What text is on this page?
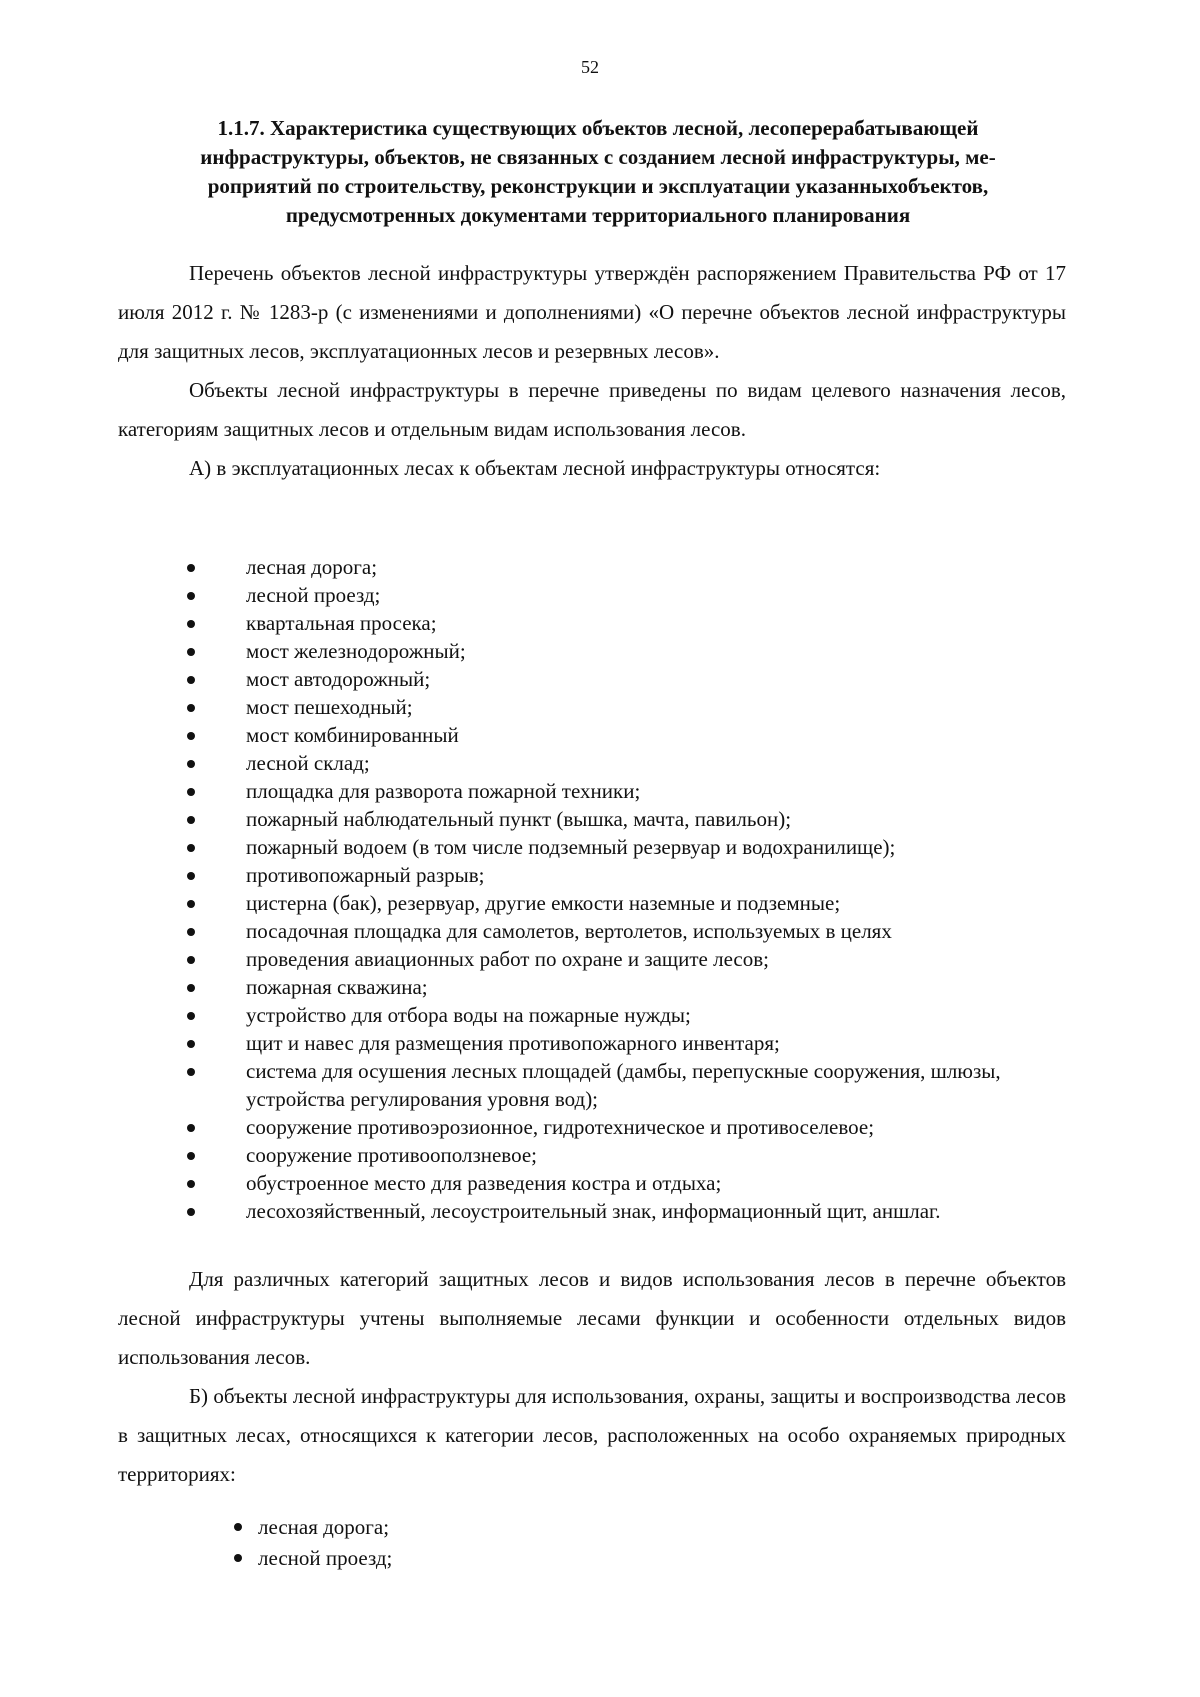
52
1.1.7. Характеристика существующих объектов лесной, лесоперерабатывающей
инфраструктуры, объектов, не связанных с созданием лесной инфраструктуры, ме-
роприятий по строительству, реконструкции и эксплуатации указанныхобъектов,
предусмотренных документами территориального планирования

Перечень объектов лесной инфраструктуры утверждён распоряжением Правительства РФ от 17 июля 2012 г. № 1283-р (с изменениями и дополнениями) «О перечне объектов лесной инфраструктуры для защитных лесов, эксплуатационных лесов и резервных лесов».

Объекты лесной инфраструктуры в перечне приведены по видам целевого назначения лесов, категориям защитных лесов и отдельным видам использования лесов.

А) в эксплуатационных лесах к объектам лесной инфраструктуры относятся:

лесная дорога;
лесной проезд;
квартальная просека;
мост железнодорожный;
мост автодорожный;
мост пешеходный;
мост комбинированный
лесной склад;
площадка для разворота пожарной техники;
пожарный наблюдательный пункт (вышка, мачта, павильон);
пожарный водоем (в том числе подземный резервуар и водохранилище);
противопожарный разрыв;
цистерна (бак), резервуар, другие емкости наземные и подземные;
посадочная площадка для самолетов, вертолетов, используемых в целях
проведения авиационных работ по охране и защите лесов;
пожарная скважина;
устройство для отбора воды на пожарные нужды;
щит и навес для размещения противопожарного инвентаря;
система для осушения лесных площадей (дамбы, перепускные сооружения, шлюзы, устройства регулирования уровня вод);
сооружение противоэрозионное, гидротехническое и противоселевое;
сооружение противооползневое;
обустроенное место для разведения костра и отдыха;
лесохозяйственный, лесоустроительный знак, информационный щит, аншлаг.

Для различных категорий защитных лесов и видов использования лесов в перечне объектов лесной инфраструктуры учтены выполняемые лесами функции и особенности отдельных видов использования лесов.

Б) объекты лесной инфраструктуры для использования, охраны, защиты и воспроизводства лесов в защитных лесах, относящихся к категории лесов, расположенных на особо охраняемых природных территориях:

лесная дорога;
лесной проезд;
